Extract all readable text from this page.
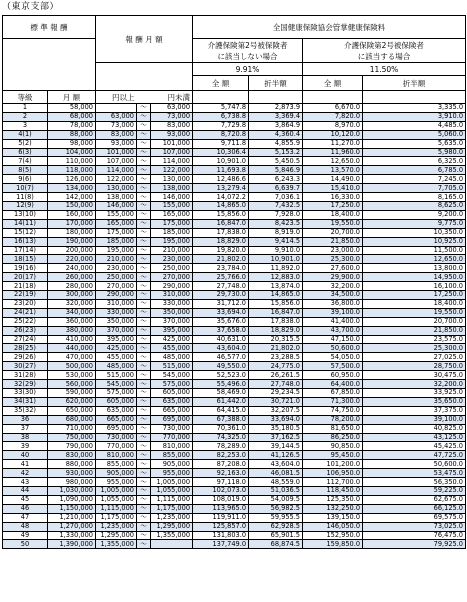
（東京支部）
標 準 報 酬		報 酬 月 額			全国健康保険協会管掌健康保険料			
					介護保険第2号被保険者
に該当しない場合		介護保険第2号被保険者
に該当する場合	
					9.91%		11.50%	
					全 額	折半額	全 額	折半額
等級	月 額	円以上		円未満				
1	58,000		～	63,000	5,747.8	2,873.9	6,670.0	3,335.0
2	68,000	63,000	～	73,000	6,738.8	3,369.4	7,820.0	3,910.0
3	78,000	73,000	～	83,000	7,729.8	3,864.9	8,970.0	4,485.0
4(1)	88,000	83,000	～	93,000	8,720.8	4,360.4	10,120.0	5,060.0
5(2)	98,000	93,000	～	101,000	9,711.8	4,855.9	11,270.0	5,635.0
6(3)	104,000	101,000	～	107,000	10,306.4	5,153.2	11,960.0	5,980.0
7(4)	110,000	107,000	～	114,000	10,901.0	5,450.5	12,650.0	6,325.0
8(5)	118,000	114,000	～	122,000	11,693.8	5,846.9	13,570.0	6,785.0
9(6)	126,000	122,000	～	130,000	12,486.6	6,243.3	14,490.0	7,245.0
10(7)	134,000	130,000	～	138,000	13,279.4	6,639.7	15,410.0	7,705.0
11(8)	142,000	138,000	～	146,000	14,072.2	7,036.1	16,330.0	8,165.0
12(9)	150,000	146,000	～	155,000	14,865.0	7,432.5	17,250.0	8,625.0
13(10)	160,000	155,000	～	165,000	15,856.0	7,928.0	18,400.0	9,200.0
14(11)	170,000	165,000	～	175,000	16,847.0	8,423.5	19,550.0	9,775.0
15(12)	180,000	175,000	～	185,000	17,838.0	8,919.0	20,700.0	10,350.0
16(13)	190,000	185,000	～	195,000	18,829.0	9,414.5	21,850.0	10,925.0
17(14)	200,000	195,000	～	210,000	19,820.0	9,910.0	23,000.0	11,500.0
18(15)	220,000	210,000	～	230,000	21,802.0	10,901.0	25,300.0	12,650.0
19(16)	240,000	230,000	～	250,000	23,784.0	11,892.0	27,600.0	13,800.0
20(17)	260,000	250,000	～	270,000	25,766.0	12,883.0	29,900.0	14,950.0
21(18)	280,000	270,000	～	290,000	27,748.0	13,874.0	32,200.0	16,100.0
22(19)	300,000	290,000	～	310,000	29,730.0	14,865.0	34,500.0	17,250.0
23(20)	320,000	310,000	～	330,000	31,712.0	15,856.0	36,800.0	18,400.0
24(21)	340,000	330,000	～	350,000	33,694.0	16,847.0	39,100.0	19,550.0
25(22)	360,000	350,000	～	370,000	35,676.0	17,838.0	41,400.0	20,700.0
26(23)	380,000	370,000	～	395,000	37,658.0	18,829.0	43,700.0	21,850.0
27(24)	410,000	395,000	～	425,000	40,631.0	20,315.5	47,150.0	23,575.0
28(25)	440,000	425,000	～	455,000	43,604.0	21,802.0	50,600.0	25,300.0
29(26)	470,000	455,000	～	485,000	46,577.0	23,288.5	54,050.0	27,025.0
30(27)	500,000	485,000	～	515,000	49,550.0	24,775.0	57,500.0	28,750.0
31(28)	530,000	515,000	～	545,000	52,523.0	26,261.5	60,950.0	30,475.0
32(29)	560,000	545,000	～	575,000	55,496.0	27,748.0	64,400.0	32,200.0
33(30)	590,000	575,000	～	605,000	58,469.0	29,234.5	67,850.0	33,925.0
34(31)	620,000	605,000	～	635,000	61,442.0	30,721.0	71,300.0	35,650.0
35(32)	650,000	635,000	～	665,000	64,415.0	32,207.5	74,750.0	37,375.0
36	680,000	665,000	～	695,000	67,388.0	33,694.0	78,200.0	39,100.0
37	710,000	695,000	～	730,000	70,361.0	35,180.5	81,650.0	40,825.0
38	750,000	730,000	～	770,000	74,325.0	37,162.5	86,250.0	43,125.0
39	790,000	770,000	～	810,000	78,289.0	39,144.5	90,850.0	45,425.0
40	830,000	810,000	～	855,000	82,253.0	41,126.5	95,450.0	47,725.0
41	880,000	855,000	～	905,000	87,208.0	43,604.0	101,200.0	50,600.0
42	930,000	905,000	～	955,000	92,163.0	46,081.5	106,950.0	53,475.0
43	980,000	955,000	～	1,005,000	97,118.0	48,559.0	112,700.0	56,350.0
44	1,030,000	1,005,000	～	1,055,000	102,073.0	51,036.5	118,450.0	59,225.0
45	1,090,000	1,055,000	～	1,115,000	108,019.0	54,009.5	125,350.0	62,675.0
46	1,150,000	1,115,000	～	1,175,000	113,965.0	56,982.5	132,250.0	66,125.0
47	1,210,000	1,175,000	～	1,235,000	119,911.0	59,955.5	139,150.0	69,575.0
48	1,270,000	1,235,000	～	1,295,000	125,857.0	62,928.5	146,050.0	73,025.0
49	1,330,000	1,295,000	～	1,355,000	131,803.0	65,901.5	152,950.0	76,475.0
50	1,390,000	1,355,000	～		137,749.0	68,874.5	159,850.0	79,925.0
